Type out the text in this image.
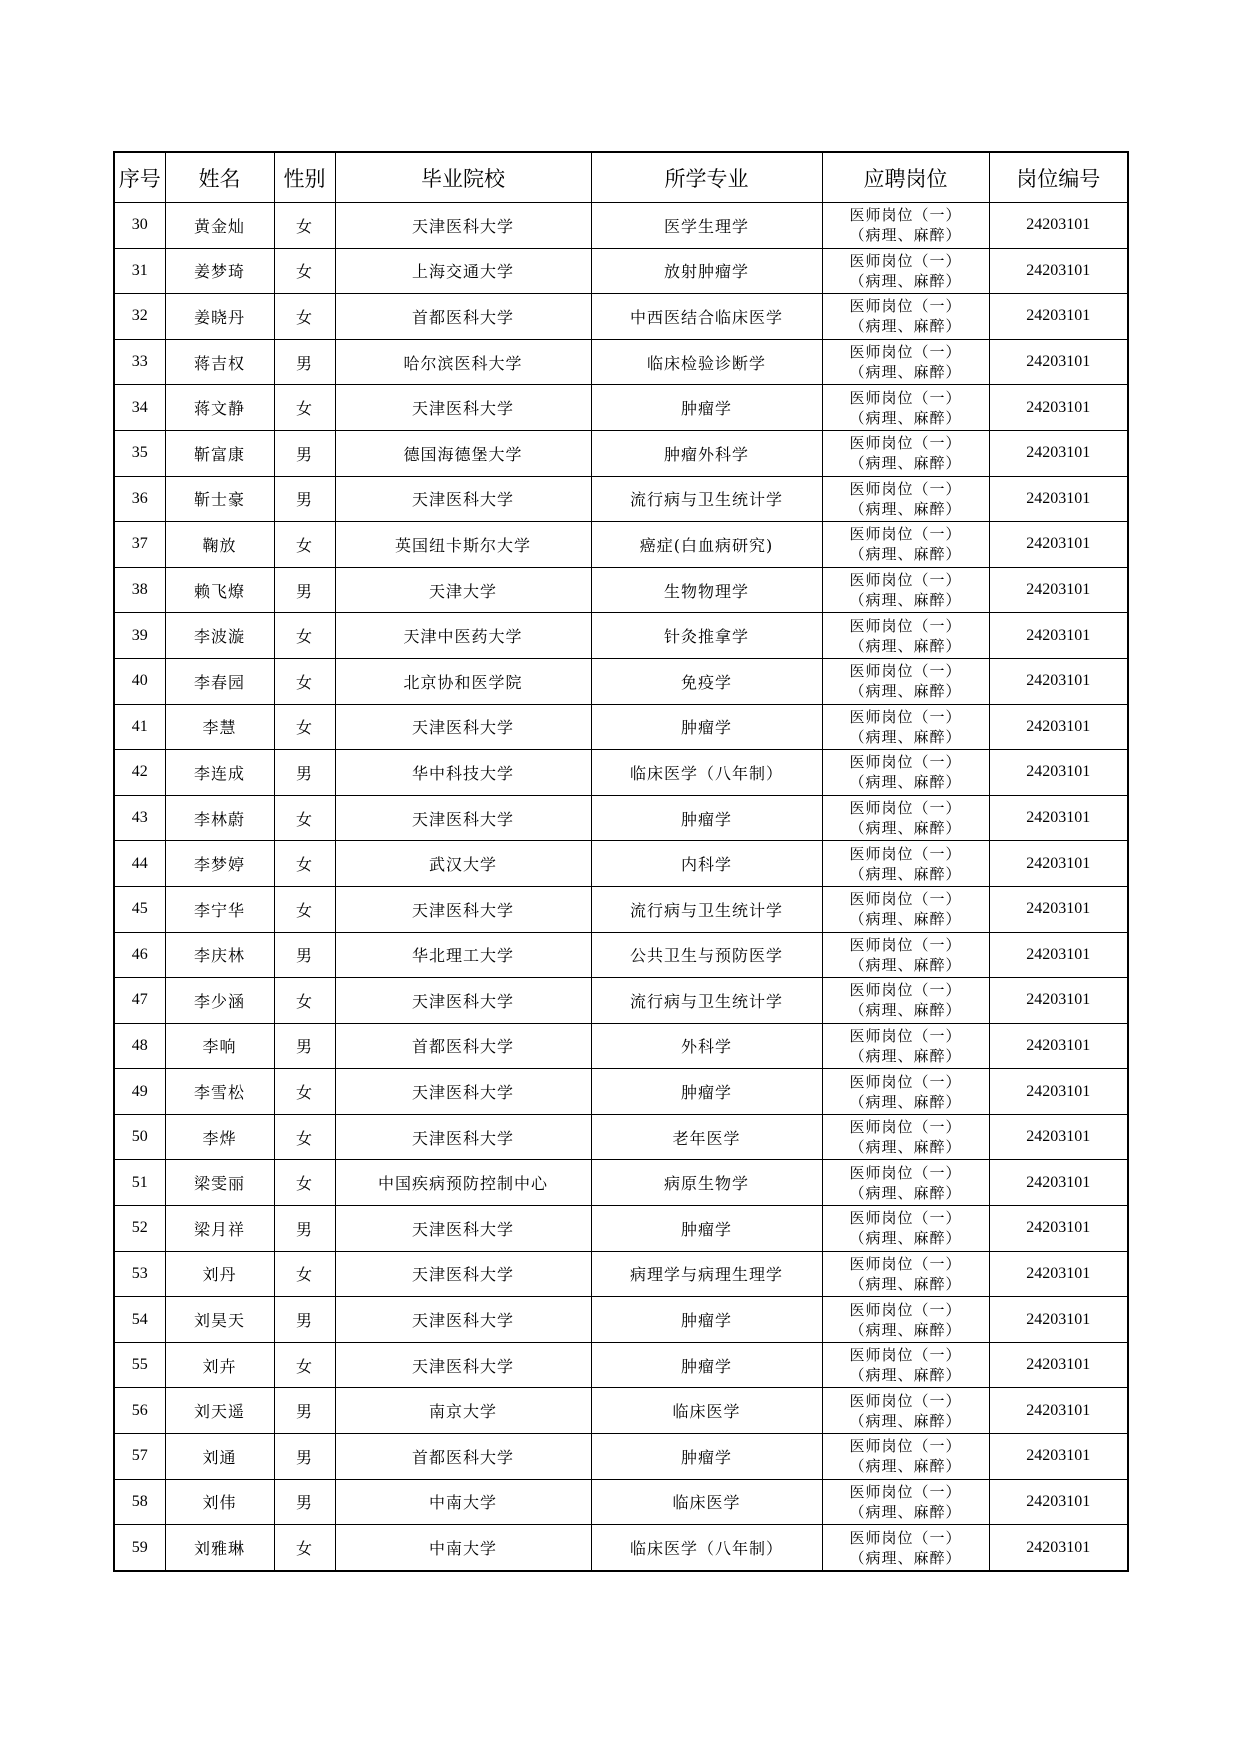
序号	姓名	性别	毕业院校	所学专业	应聘岗位	岗位编号
30	黄金灿	女	天津医科大学	医学生理学	医师岗位（一）
（病理、麻醉）	24203101
31	姜梦琦	女	上海交通大学	放射肿瘤学	医师岗位（一）
（病理、麻醉）	24203101
32	姜晓丹	女	首都医科大学	中西医结合临床医学	医师岗位（一）
（病理、麻醉）	24203101
33	蒋吉权	男	哈尔滨医科大学	临床检验诊断学	医师岗位（一）
（病理、麻醉）	24203101
34	蒋文静	女	天津医科大学	肿瘤学	医师岗位（一）
（病理、麻醉）	24203101
35	靳富康	男	德国海德堡大学	肿瘤外科学	医师岗位（一）
（病理、麻醉）	24203101
36	靳士豪	男	天津医科大学	流行病与卫生统计学	医师岗位（一）
（病理、麻醉）	24203101
37	鞠放	女	英国纽卡斯尔大学	癌症(白血病研究)	医师岗位（一）
（病理、麻醉）	24203101
38	赖飞燎	男	天津大学	生物物理学	医师岗位（一）
（病理、麻醉）	24203101
39	李波漩	女	天津中医药大学	针灸推拿学	医师岗位（一）
（病理、麻醉）	24203101
40	李春园	女	北京协和医学院	免疫学	医师岗位（一）
（病理、麻醉）	24203101
41	李慧	女	天津医科大学	肿瘤学	医师岗位（一）
（病理、麻醉）	24203101
42	李连成	男	华中科技大学	临床医学（八年制）	医师岗位（一）
（病理、麻醉）	24203101
43	李林蔚	女	天津医科大学	肿瘤学	医师岗位（一）
（病理、麻醉）	24203101
44	李梦婷	女	武汉大学	内科学	医师岗位（一）
（病理、麻醉）	24203101
45	李宁华	女	天津医科大学	流行病与卫生统计学	医师岗位（一）
（病理、麻醉）	24203101
46	李庆林	男	华北理工大学	公共卫生与预防医学	医师岗位（一）
（病理、麻醉）	24203101
47	李少涵	女	天津医科大学	流行病与卫生统计学	医师岗位（一）
（病理、麻醉）	24203101
48	李响	男	首都医科大学	外科学	医师岗位（一）
（病理、麻醉）	24203101
49	李雪松	女	天津医科大学	肿瘤学	医师岗位（一）
（病理、麻醉）	24203101
50	李烨	女	天津医科大学	老年医学	医师岗位（一）
（病理、麻醉）	24203101
51	梁雯丽	女	中国疾病预防控制中心	病原生物学	医师岗位（一）
（病理、麻醉）	24203101
52	梁月祥	男	天津医科大学	肿瘤学	医师岗位（一）
（病理、麻醉）	24203101
53	刘丹	女	天津医科大学	病理学与病理生理学	医师岗位（一）
（病理、麻醉）	24203101
54	刘昊天	男	天津医科大学	肿瘤学	医师岗位（一）
（病理、麻醉）	24203101
55	刘卉	女	天津医科大学	肿瘤学	医师岗位（一）
（病理、麻醉）	24203101
56	刘天遥	男	南京大学	临床医学	医师岗位（一）
（病理、麻醉）	24203101
57	刘通	男	首都医科大学	肿瘤学	医师岗位（一）
（病理、麻醉）	24203101
58	刘伟	男	中南大学	临床医学	医师岗位（一）
（病理、麻醉）	24203101
59	刘雅琳	女	中南大学	临床医学（八年制）	医师岗位（一）
（病理、麻醉）	24203101
